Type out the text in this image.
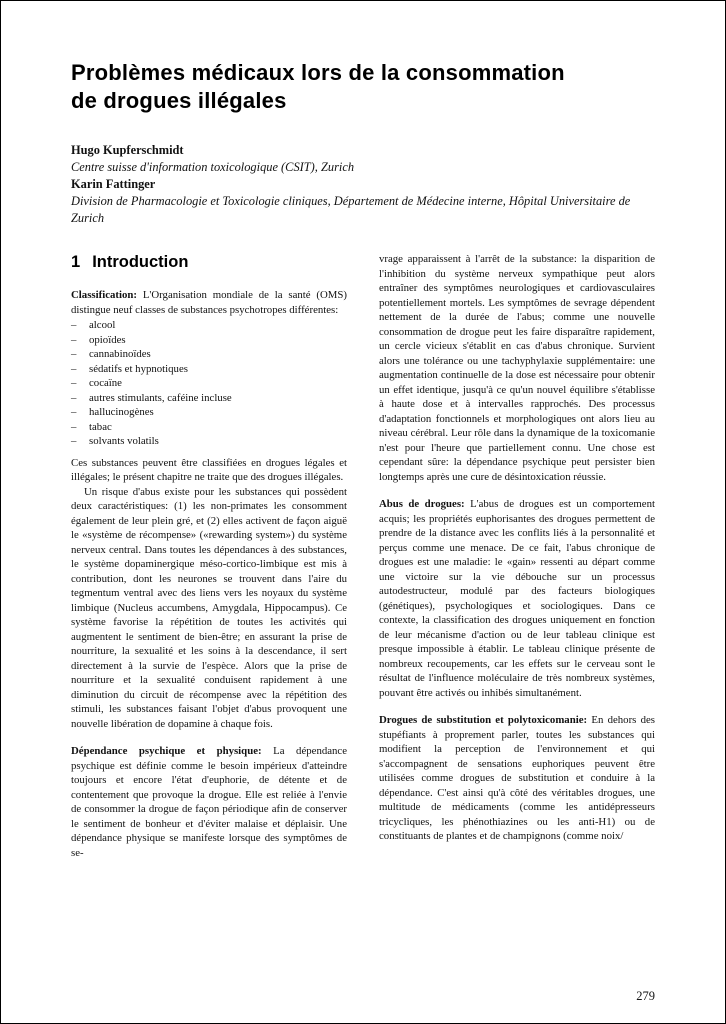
Problèmes médicaux lors de la consommation
de drogues illégales
Hugo Kupferschmidt
Centre suisse d'information toxicologique (CSIT), Zurich
Karin Fattinger
Division de Pharmacologie et Toxicologie cliniques, Département de Médecine interne, Hôpital Universitaire de Zurich
1 Introduction

Classification: L'Organisation mondiale de la santé (OMS) distingue neuf classes de substances psychotropes différentes:

–	alcool
–	opioïdes
–	cannabinoïdes
–	sédatifs et hypnotiques
–	cocaïne
–	autres stimulants, caféine incluse
–	hallucinogènes
–	tabac
–	solvants volatils

Ces substances peuvent être classifiées en drogues légales et illégales; le présent chapitre ne traite que des drogues illégales.

Un risque d'abus existe pour les substances qui possèdent deux caractéristiques: (1) les non-primates les consomment également de leur plein gré, et (2) elles activent de façon aiguë le «système de récompense» («rewarding system») du système nerveux central. Dans toutes les dépendances à des substances, le système dopaminergique méso-cortico-limbique est mis à contribution, dont les neurones se trouvent dans l'aire du tegmentum ventral avec des liens vers les noyaux du système limbique (Nucleus accumbens, Amygdala, Hippocampus). Ce système favorise la répétition de toutes les activités qui augmentent le sentiment de bien-être; en assurant la prise de nourriture, la sexualité et les soins à la descendance, il sert directement à la survie de l'espèce. Alors que la prise de nourriture et la sexualité conduisent rapidement à une diminution du circuit de récompense avec la répétition des stimuli, les substances faisant l'objet d'abus provoquent une nouvelle libération de dopamine à chaque fois.

Dépendance psychique et physique: La dépendance psychique est définie comme le besoin impérieux d'atteindre toujours et encore l'état d'euphorie, de détente et de contentement que provoque la drogue. Elle est reliée à l'envie de consommer la drogue de façon périodique afin de conserver le sentiment de bonheur et d'éviter malaise et déplaisir. Une dépendance physique se manifeste lorsque des symptômes de se-

vrage apparaissent à l'arrêt de la substance: la disparition de l'inhibition du système nerveux sympathique peut alors entraîner des symptômes neurologiques et cardiovasculaires potentiellement mortels. Les symptômes de sevrage dépendent nettement de la durée de l'abus; comme une nouvelle consommation de drogue peut les faire disparaître rapidement, un cercle vicieux s'établit en cas d'abus chronique. Survient alors une tolérance ou une tachyphylaxie supplémentaire: une augmentation continuelle de la dose est nécessaire pour obtenir un effet identique, jusqu'à ce qu'un nouvel équilibre s'établisse à haute dose et à intervalles rapprochés. Des processus d'adaptation fonctionnels et morphologiques ont alors lieu au niveau cérébral. Leur rôle dans la dynamique de la toxicomanie n'est pour l'heure que partiellement connu. Une chose est cependant sûre: la dépendance psychique peut persister bien longtemps après une cure de désintoxication réussie.

Abus de drogues: L'abus de drogues est un comportement acquis; les propriétés euphorisantes des drogues permettent de prendre de la distance avec les conflits liés à la personnalité et perçus comme une menace. De ce fait, l'abus chronique de drogues est une maladie: le «gain» ressenti au départ comme une victoire sur la vie débouche sur un processus autodestructeur, modulé par des facteurs biologiques (génétiques), psychologiques et sociologiques. Dans ce contexte, la classification des drogues uniquement en fonction de leur mécanisme d'action ou de leur tableau clinique est presque impossible à établir. Le tableau clinique présente de nombreux recoupements, car les effets sur le cerveau sont le résultat de l'influence moléculaire de très nombreux systèmes, pouvant être activés ou inhibés simultanément.

Drogues de substitution et polytoxicomanie: En dehors des stupéfiants à proprement parler, toutes les substances qui modifient la perception de l'environnement et qui s'accompagnent de sensations euphoriques peuvent être utilisées comme drogues de substitution et conduire à la dépendance. C'est ainsi qu'à côté des véritables drogues, une multitude de médicaments (comme les antidépresseurs tricycliques, les phénothiazines ou les anti-H1) ou de constituants de plantes et de champignons (comme noix/

279
